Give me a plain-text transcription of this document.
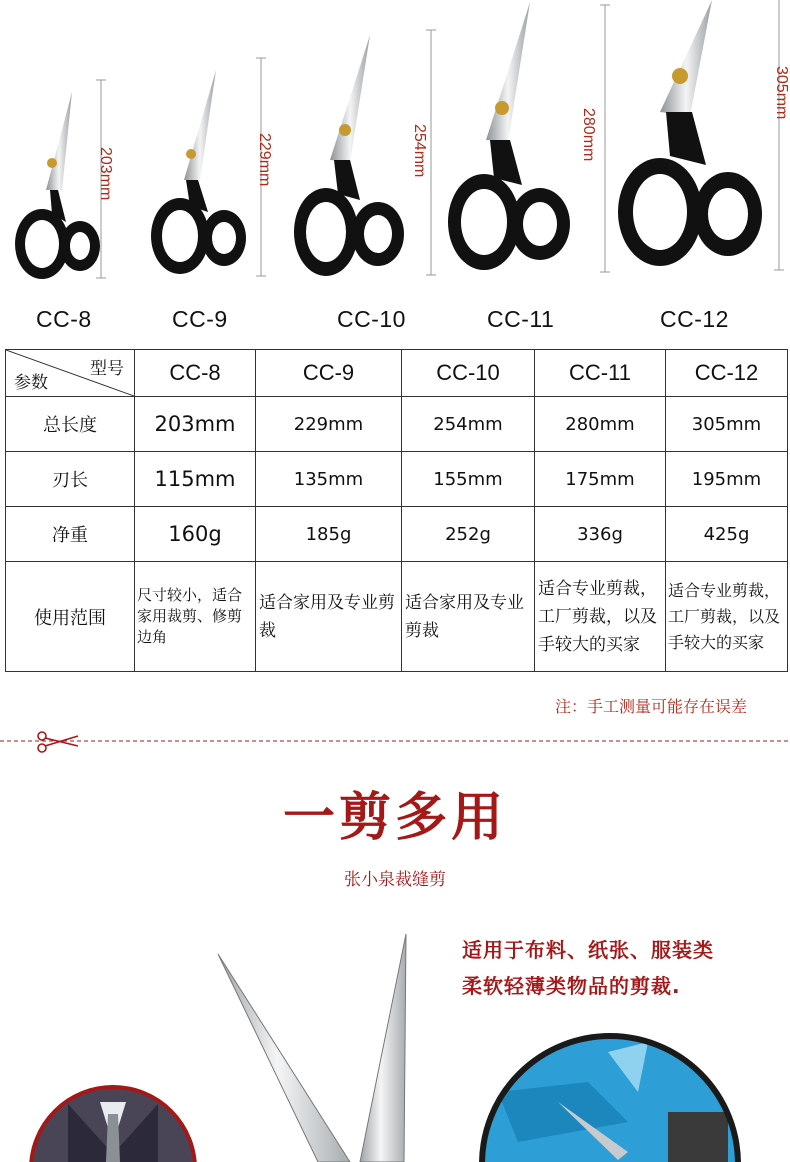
203mm	229mm	254mm	280mm
305mm
CC-8	CC-9	CC-10	CC-11	CC-12
型号
参数	CC-8	CC-9	CC-10	CC-11	CC-12
总长度	203mm	229mm	254mm	280mm	305mm
刃长	115mm	135mm	155mm	175mm	195mm
净重	160g	185g	252g	336g	425g
使用范围	尺寸较小，适合家用裁剪、修剪边角	适合家用及专业剪裁	适合家用及专业剪裁	适合专业剪裁，工厂剪裁，以及手较大的买家	适合专业剪裁，工厂剪裁，以及手较大的买家
注：手工测量可能存在误差
一剪多用
张小泉裁缝剪
适用于布料、纸张、服装类
柔软轻薄类物品的剪裁.
